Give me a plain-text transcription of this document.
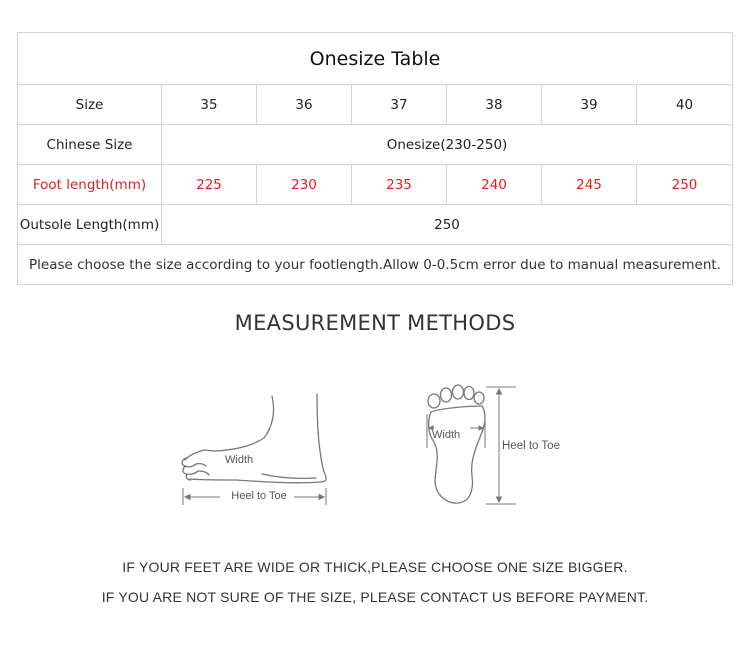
Onesize Table						
Size	35	36	37	38	39	40
Chinese Size	Onesize(230-250)					
Foot length(mm)	225	230	235	240	245	250
Outsole Length(mm)	250					
Please choose the size according to your footlength.Allow 0-0.5cm error due to manual measurement.						
MEASUREMENT METHODS
Width
Heel to Toe
Width
Heel to Toe
IF YOUR FEET ARE WIDE OR THICK,PLEASE CHOOSE ONE SIZE BIGGER.
IF YOU ARE NOT SURE OF THE SIZE, PLEASE CONTACT US BEFORE PAYMENT.
